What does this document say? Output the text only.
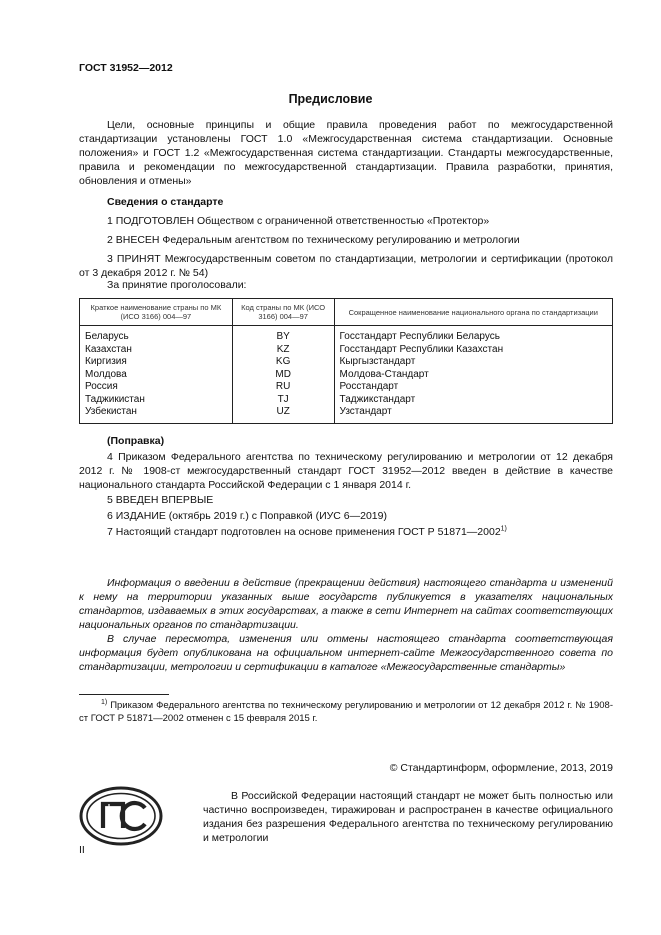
ГОСТ 31952—2012
Предисловие

Цели, основные принципы и общие правила проведения работ по межгосударственной стандартизации установлены ГОСТ 1.0 «Межгосударственная система стандартизации. Основные положения» и ГОСТ 1.2 «Межгосударственная система стандартизации. Стандарты межгосударственные, правила и рекомендации по межгосударственной стандартизации. Правила разработки, принятия, обновления и отмены»

Сведения о стандарте

1 ПОДГОТОВЛЕН Обществом с ограниченной ответственностью «Протектор»

2 ВНЕСЕН Федеральным агентством по техническому регулированию и метрологии

3 ПРИНЯТ Межгосударственным советом по стандартизации, метрологии и сертификации (протокол от 3 декабря 2012 г. № 54)

За принятие проголосовали:
Краткое наименование страны по МК (ИСО 3166) 004—97	Код страны по МК (ИСО 3166) 004—97	Сокращенное наименование национального органа по стандартизации
Беларусь	BY	Госстандарт Республики Беларусь
Казахстан	KZ	Госстандарт Республики Казахстан
Киргизия	KG	Кыргызстандарт
Молдова	MD	Молдова-Стандарт
Россия	RU	Росстандарт
Таджикистан	TJ	Таджикстандарт
Узбекистан	UZ	Узстандарт
(Поправка)

4 Приказом Федерального агентства по техническому регулированию и метрологии от 12 декабря 2012 г. № 1908-ст межгосударственный стандарт ГОСТ 31952—2012 введен в действие в качестве национального стандарта Российской Федерации с 1 января 2014 г.

5 ВВЕДЕН ВПЕРВЫЕ

6 ИЗДАНИЕ (октябрь 2019 г.) с Поправкой (ИУС 6—2019)

7 Настоящий стандарт подготовлен на основе применения ГОСТ Р 51871—2002$^{1)}$

Информация о введении в действие (прекращении действия) настоящего стандарта и изменений к нему на территории указанных выше государств публикуется в указателях национальных стандартов, издаваемых в этих государствах, а также в сети Интернет на сайтах соответствующих национальных органов по стандартизации.

В случае пересмотра, изменения или отмены настоящего стандарта соответствующая информация будет опубликована на официальном интернет-сайте Межгосударственного совета по стандартизации, метрологии и сертификации в каталоге «Межгосударственные стандарты»

$^{1)}$ Приказом Федерального агентства по техническому регулированию и метрологии от 12 декабря 2012 г. № 1908-ст ГОСТ Р 51871—2002 отменен с 15 февраля 2015 г.
© Стандартинформ, оформление, 2013, 2019
В Российской Федерации настоящий стандарт не может быть полностью или частично воспроизведен, тиражирован и распространен в качестве официального издания без разрешения Федерального агентства по техническому регулированию и метрологии
II
